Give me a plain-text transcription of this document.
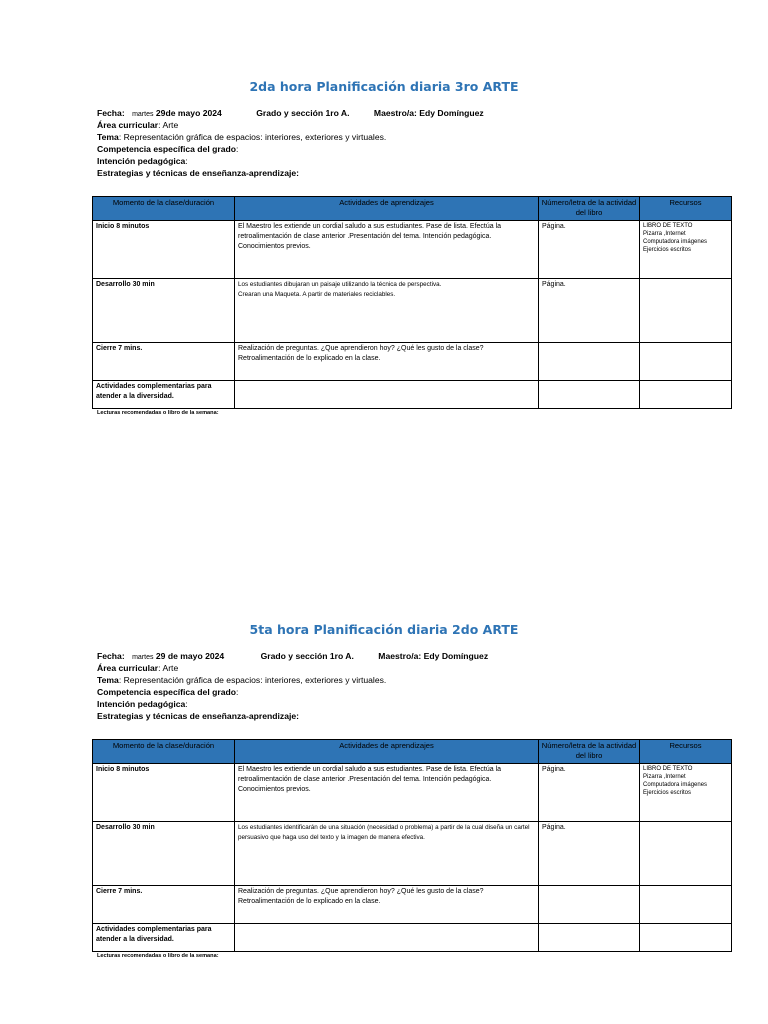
2da hora Planificación diaria 3ro ARTE
Fecha: martes 29de mayo 2024	Grado y sección 1ro A.	Maestro/a: Edy Domínguez
Área curricular: Arte
Tema: Representación gráfica de espacios: interiores, exteriores y virtuales.
Competencia específica del grado:
Intención pedagógica:
Estrategias y técnicas de enseñanza-aprendizaje:
Momento de la clase/duración	Actividades de aprendizajes	Número/letra de la actividad del libro	Recursos
Inicio 8 minutos	El Maestro les extiende un cordial saludo a sus estudiantes. Pase de lista. Efectúa la retroalimentación de clase anterior .Presentación del tema. Intención pedagógica. Conocimientos previos.	Página.	LIBRO DE TEXTO
Pizarra ,Internet
Computadora imágenes
Ejercicios escritos

Desarrollo 30 min	Los estudiantes dibujaran un paisaje utilizando la técnica de perspectiva.
Crearan una Maqueta. A partir de materiales reciclables.	Página.	
Cierre 7 mins.	Realización de preguntas. ¿Que aprendieron hoy? ¿Qué les gusto de la clase?
Retroalimentación de lo explicado en la clase.		

Actividades complementarias para atender a la diversidad.			
Lecturas recomendadas o libro de la semana:
5ta hora Planificación diaria 2do ARTE
Fecha: martes 29 de mayo 2024	Grado y sección 1ro A.	Maestro/a: Edy Domínguez
Área curricular: Arte
Tema: Representación gráfica de espacios: interiores, exteriores y virtuales.
Competencia específica del grado:
Intención pedagógica:
Estrategias y técnicas de enseñanza-aprendizaje:
Momento de la clase/duración	Actividades de aprendizajes	Número/letra de la actividad del libro	Recursos
Inicio 8 minutos	El Maestro les extiende un cordial saludo a sus estudiantes. Pase de lista. Efectúa la retroalimentación de clase anterior .Presentación del tema. Intención pedagógica. Conocimientos previos.	Página.	LIBRO DE TEXTO
Pizarra ,Internet
Computadora imágenes
Ejercicios escritos

Desarrollo 30 min	Los estudiantes identificarán de una situación (necesidad o problema) a partir de la cual diseña un cartel persuasivo que haga uso del texto y la imagen de manera efectiva.	Página.	
Cierre 7 mins.	Realización de preguntas. ¿Que aprendieron hoy? ¿Qué les gusto de la clase?
Retroalimentación de lo explicado en la clase.		

Actividades complementarias para atender a la diversidad.			
Lecturas recomendadas o libro de la semana:
